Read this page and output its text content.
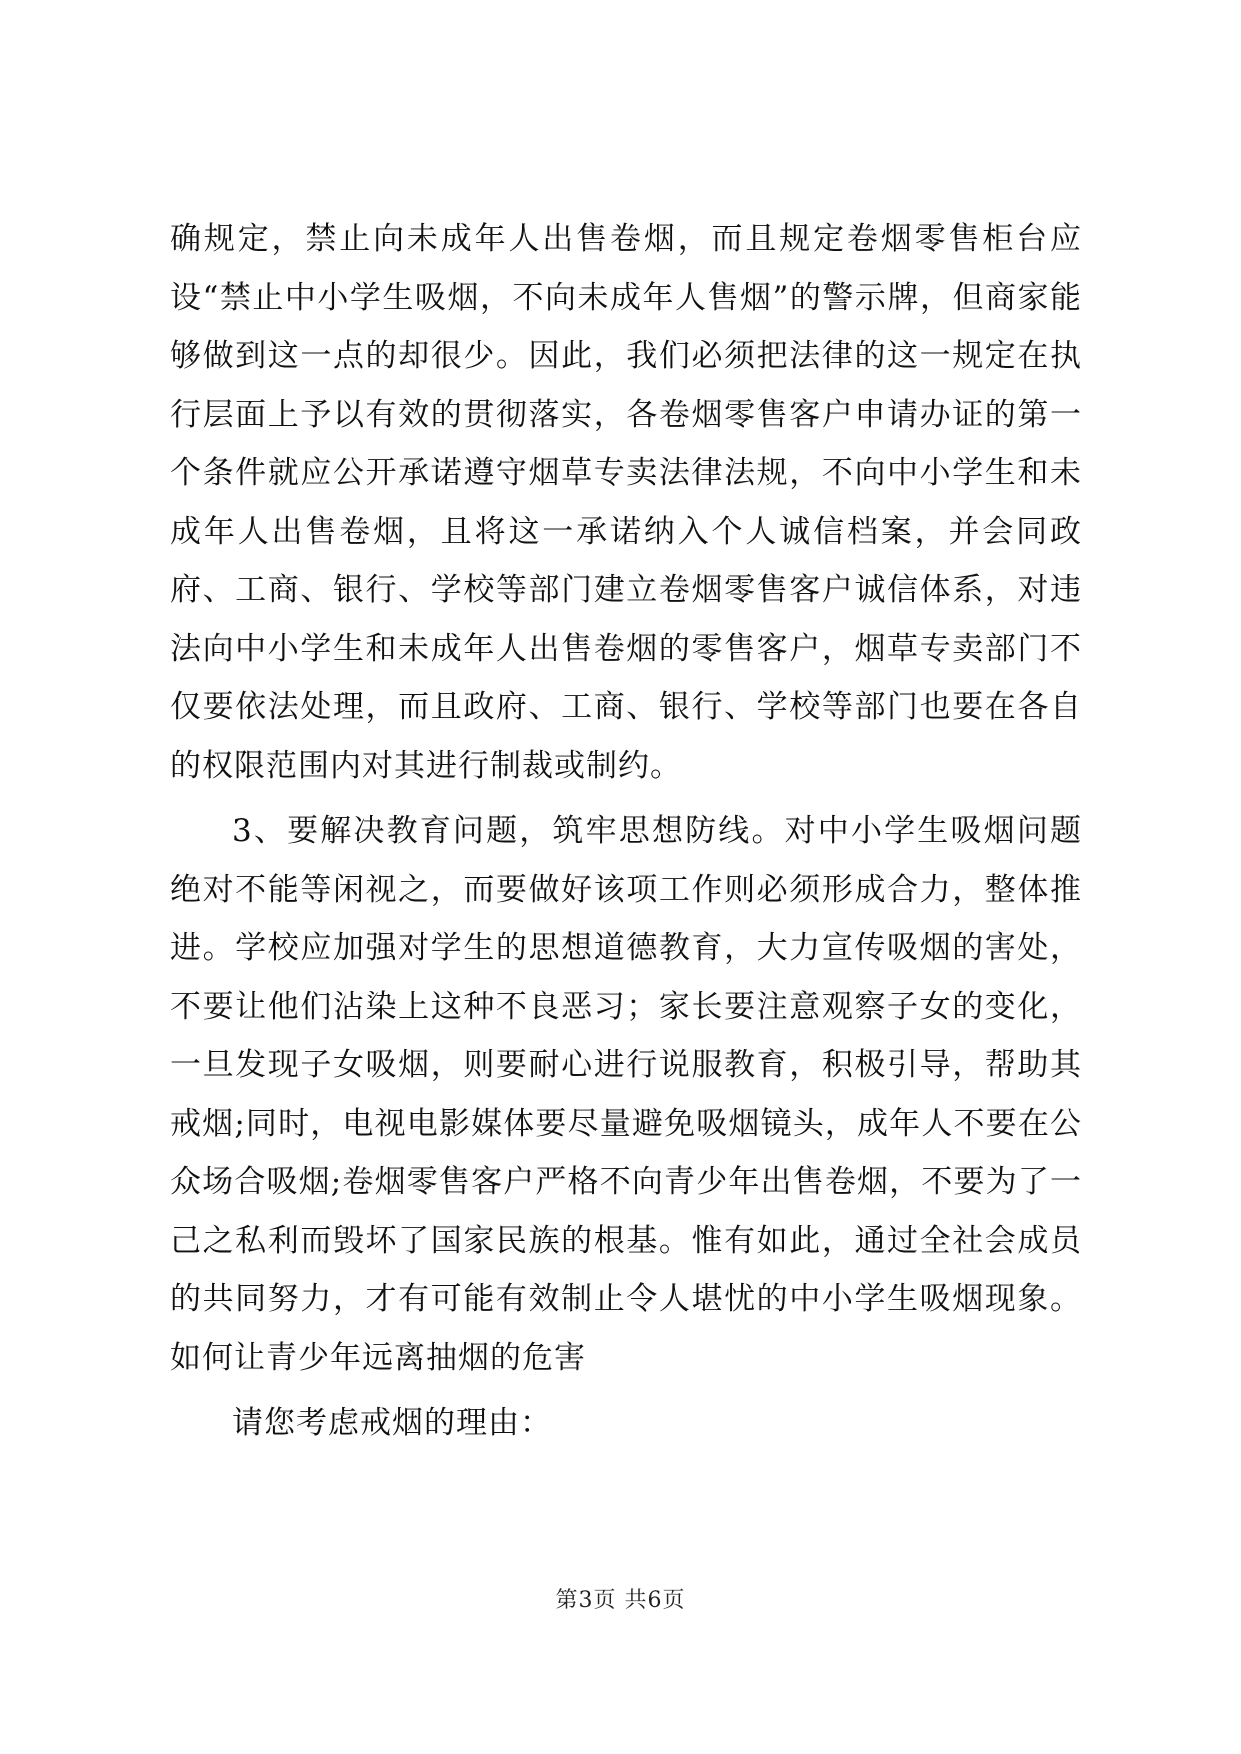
确规定，禁止向未成年人出售卷烟，而且规定卷烟零售柜台应设“禁止中小学生吸烟，不向未成年人售烟”的警示牌，但商家能够做到这一点的却很少。因此，我们必须把法律的这一规定在执行层面上予以有效的贯彻落实，各卷烟零售客户申请办证的第一个条件就应公开承诺遵守烟草专卖法律法规，不向中小学生和未成年人出售卷烟，且将这一承诺纳入个人诚信档案，并会同政府、工商、银行、学校等部门建立卷烟零售客户诚信体系，对违法向中小学生和未成年人出售卷烟的零售客户，烟草专卖部门不仅要依法处理，而且政府、工商、银行、学校等部门也要在各自的权限范围内对其进行制裁或制约。

3、要解决教育问题，筑牢思想防线。对中小学生吸烟问题绝对不能等闲视之，而要做好该项工作则必须形成合力，整体推进。学校应加强对学生的思想道德教育，大力宣传吸烟的害处，不要让他们沾染上这种不良恶习；家长要注意观察子女的变化，一旦发现子女吸烟，则要耐心进行说服教育，积极引导，帮助其戒烟;同时，电视电影媒体要尽量避免吸烟镜头，成年人不要在公众场合吸烟;卷烟零售客户严格不向青少年出售卷烟，不要为了一己之私利而毁坏了国家民族的根基。惟有如此，通过全社会成员的共同努力，才有可能有效制止令人堪忧的中小学生吸烟现象。如何让青少年远离抽烟的危害

请您考虑戒烟的理由：

第3页 共6页
